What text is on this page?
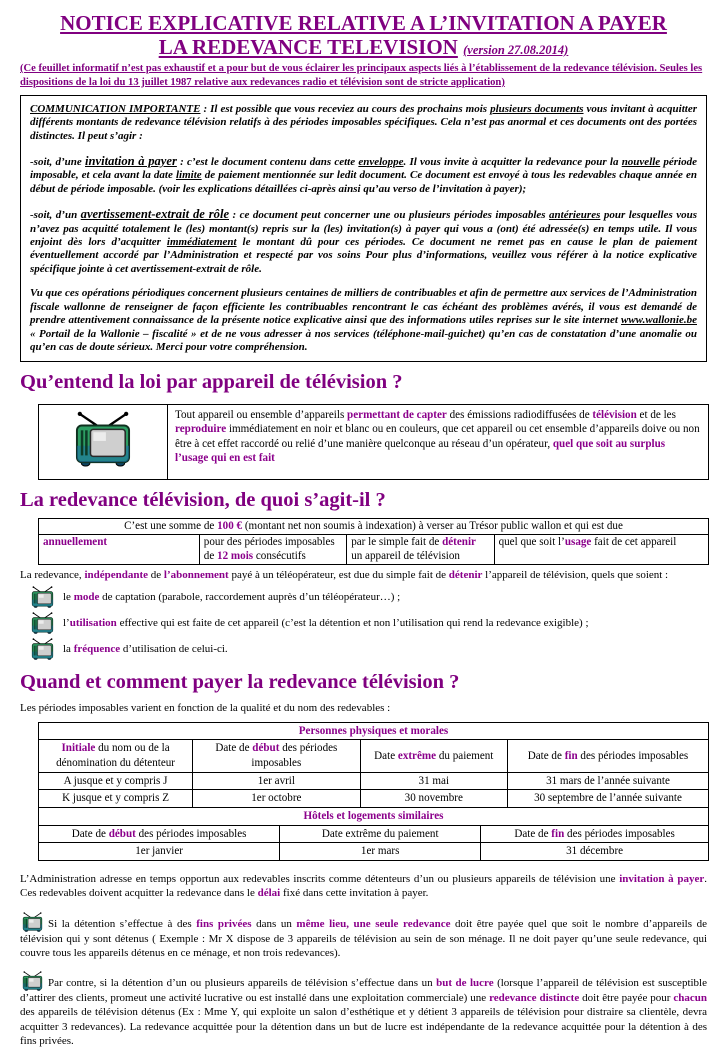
NOTICE EXPLICATIVE RELATIVE A L’INVITATION A PAYER
LA REDEVANCE TELEVISION (version 27.08.2014)
(Ce feuillet informatif n’est pas exhaustif et a pour but de vous éclairer les principaux aspects liés à l’établissement de la redevance télévision. Seules les dispositions de la loi du 13 juillet 1987 relative aux redevances radio et télévision sont de stricte application)

COMMUNICATION IMPORTANTE : Il est possible que vous receviez au cours des prochains mois plusieurs documents vous invitant à acquitter différents montants de redevance télévision relatifs à des périodes imposables spécifiques. Cela n’est pas anormal et ces documents ont des portées distinctes. Il peut s’agir :

-soit, d’une invitation à payer : c’est le document contenu dans cette enveloppe. Il vous invite à acquitter la redevance pour la nouvelle période imposable, et cela avant la date limite de paiement mentionnée sur ledit document. Ce document est envoyé à tous les redevables chaque année en début de période imposable. (voir les explications détaillées ci-après ainsi qu’au verso de l’invitation à payer);

-soit, d’un avertissement-extrait de rôle : ce document peut concerner une ou plusieurs périodes imposables antérieures pour lesquelles vous n’avez pas acquitté totalement le (les) montant(s) repris sur la (les) invitation(s) à payer qui vous a (ont) été adressée(s) en temps utile. Il vous enjoint dès lors d’acquitter immédiatement le montant dû pour ces périodes. Ce document ne remet pas en cause le plan de paiement éventuellement accordé par l’Administration et respecté par vos soins Pour plus d’informations, veuillez vous référer à la notice explicative spécifique jointe à cet avertissement-extrait de rôle.

Vu que ces opérations périodiques concernent plusieurs centaines de milliers de contribuables et afin de permettre aux services de l’Administration fiscale wallonne de renseigner de façon efficiente les contribuables rencontrant le cas échéant des problèmes avérés, il vous est demandé de prendre attentivement connaissance de la présente notice explicative ainsi que des informations utiles reprises sur le site internet www.wallonie.be « Portail de la Wallonie – fiscalité » et de ne vous adresser à nos services (téléphone-mail-guichet) qu’en cas de constatation d’une anomalie ou qu’en cas de doute sérieux. Merci pour votre compréhension.

Qu’entend la loi par appareil de télévision ?
	Tout appareil ou ensemble d’appareils permettant de capter des émissions radiodiffusées de télévision et de les reproduire immédiatement en noir et blanc ou en couleurs, que cet appareil ou cet ensemble d’appareils doive ou non être à cet effet raccordé ou relié d’une manière quelconque au réseau d’un opérateur, quel que soit au surplus l’usage qui en est fait
La redevance télévision, de quoi s’agit-il ?
C’est une somme de 100 € (montant net non soumis à indexation) à verser au Trésor public wallon et qui est due
annuellement	pour des périodes imposables de 12 mois consécutifs	par le simple fait de détenir un appareil de télévision	quel que soit l’usage fait de cet appareil

La redevance, indépendante de l’abonnement payé à un téléopérateur, est due du simple fait de détenir l’appareil de télévision, quels que soient :

le mode de captation (parabole, raccordement auprès d’un téléopérateur…) ;
l’utilisation effective qui est faite de cet appareil (c’est la détention et non l’utilisation qui rend la redevance exigible) ;
la fréquence d’utilisation de celui-ci.
Quand et comment payer la redevance télévision ?

Les périodes imposables varient en fonction de la qualité et du nom des redevables :

Personnes physiques et morales			
Initiale du nom ou de la dénomination du détenteur	Date de début des périodes imposables	Date extrême du paiement	Date de fin des périodes imposables
A jusque et y compris J	1er avril	31 mai	31 mars de l’année suivante
K jusque et y compris Z	1er octobre	30 novembre	30 septembre de l’année suivante
Hôtels et logements similaires		
Date de début des périodes imposables	Date extrême du paiement	Date de fin des périodes imposables
1er janvier	1er mars	31 décembre

L’Administration adresse en temps opportun aux redevables inscrits comme détenteurs d’un ou plusieurs appareils de télévision une invitation à payer. Ces redevables doivent acquitter la redevance dans le délai fixé dans cette invitation à payer.

Si la détention s’effectue à des fins privées dans un même lieu, une seule redevance doit être payée quel que soit le nombre d’appareils de télévision qui y sont détenus ( Exemple : Mr X dispose de 3 appareils de télévision au sein de son ménage. Il ne doit payer qu’une seule redevance, qui couvre tous les appareils détenus en ce ménage, et non trois redevances).

Par contre, si la détention d’un ou plusieurs appareils de télévision s’effectue dans un but de lucre (lorsque l’appareil de télévision est susceptible d’attirer des clients, promeut une activité lucrative ou est installé dans une exploitation commerciale) une redevance distincte doit être payée pour chacun des appareils de télévision détenus (Ex : Mme Y, qui exploite un salon d’esthétique et y détient 3 appareils de télévision pour distraire sa clientèle, devra acquitter 3 redevances). La redevance acquittée pour la détention dans un but de lucre est indépendante de la redevance acquittée pour la détention à des fins privées.
